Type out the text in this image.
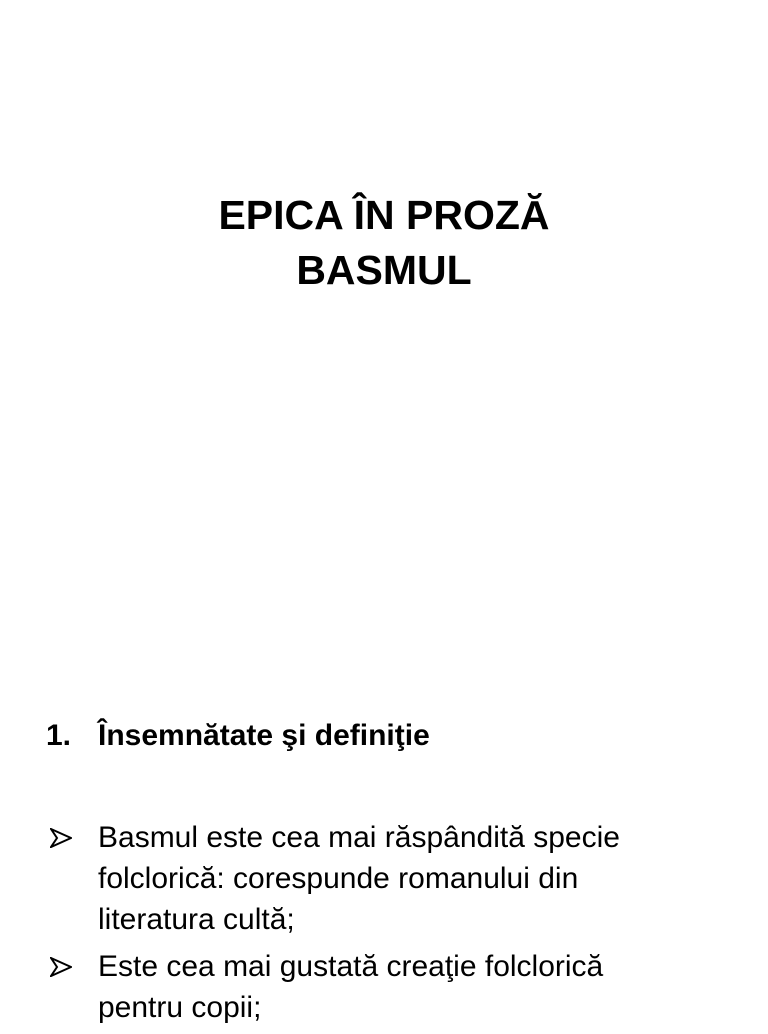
EPICA ÎN PROZĂ
BASMUL
1. Însemnătate şi definiţie
Basmul este cea mai răspândită specie
folclorică: corespunde romanului din
literatura cultă;
Este cea mai gustată creaţie folclorică
pentru copii;
